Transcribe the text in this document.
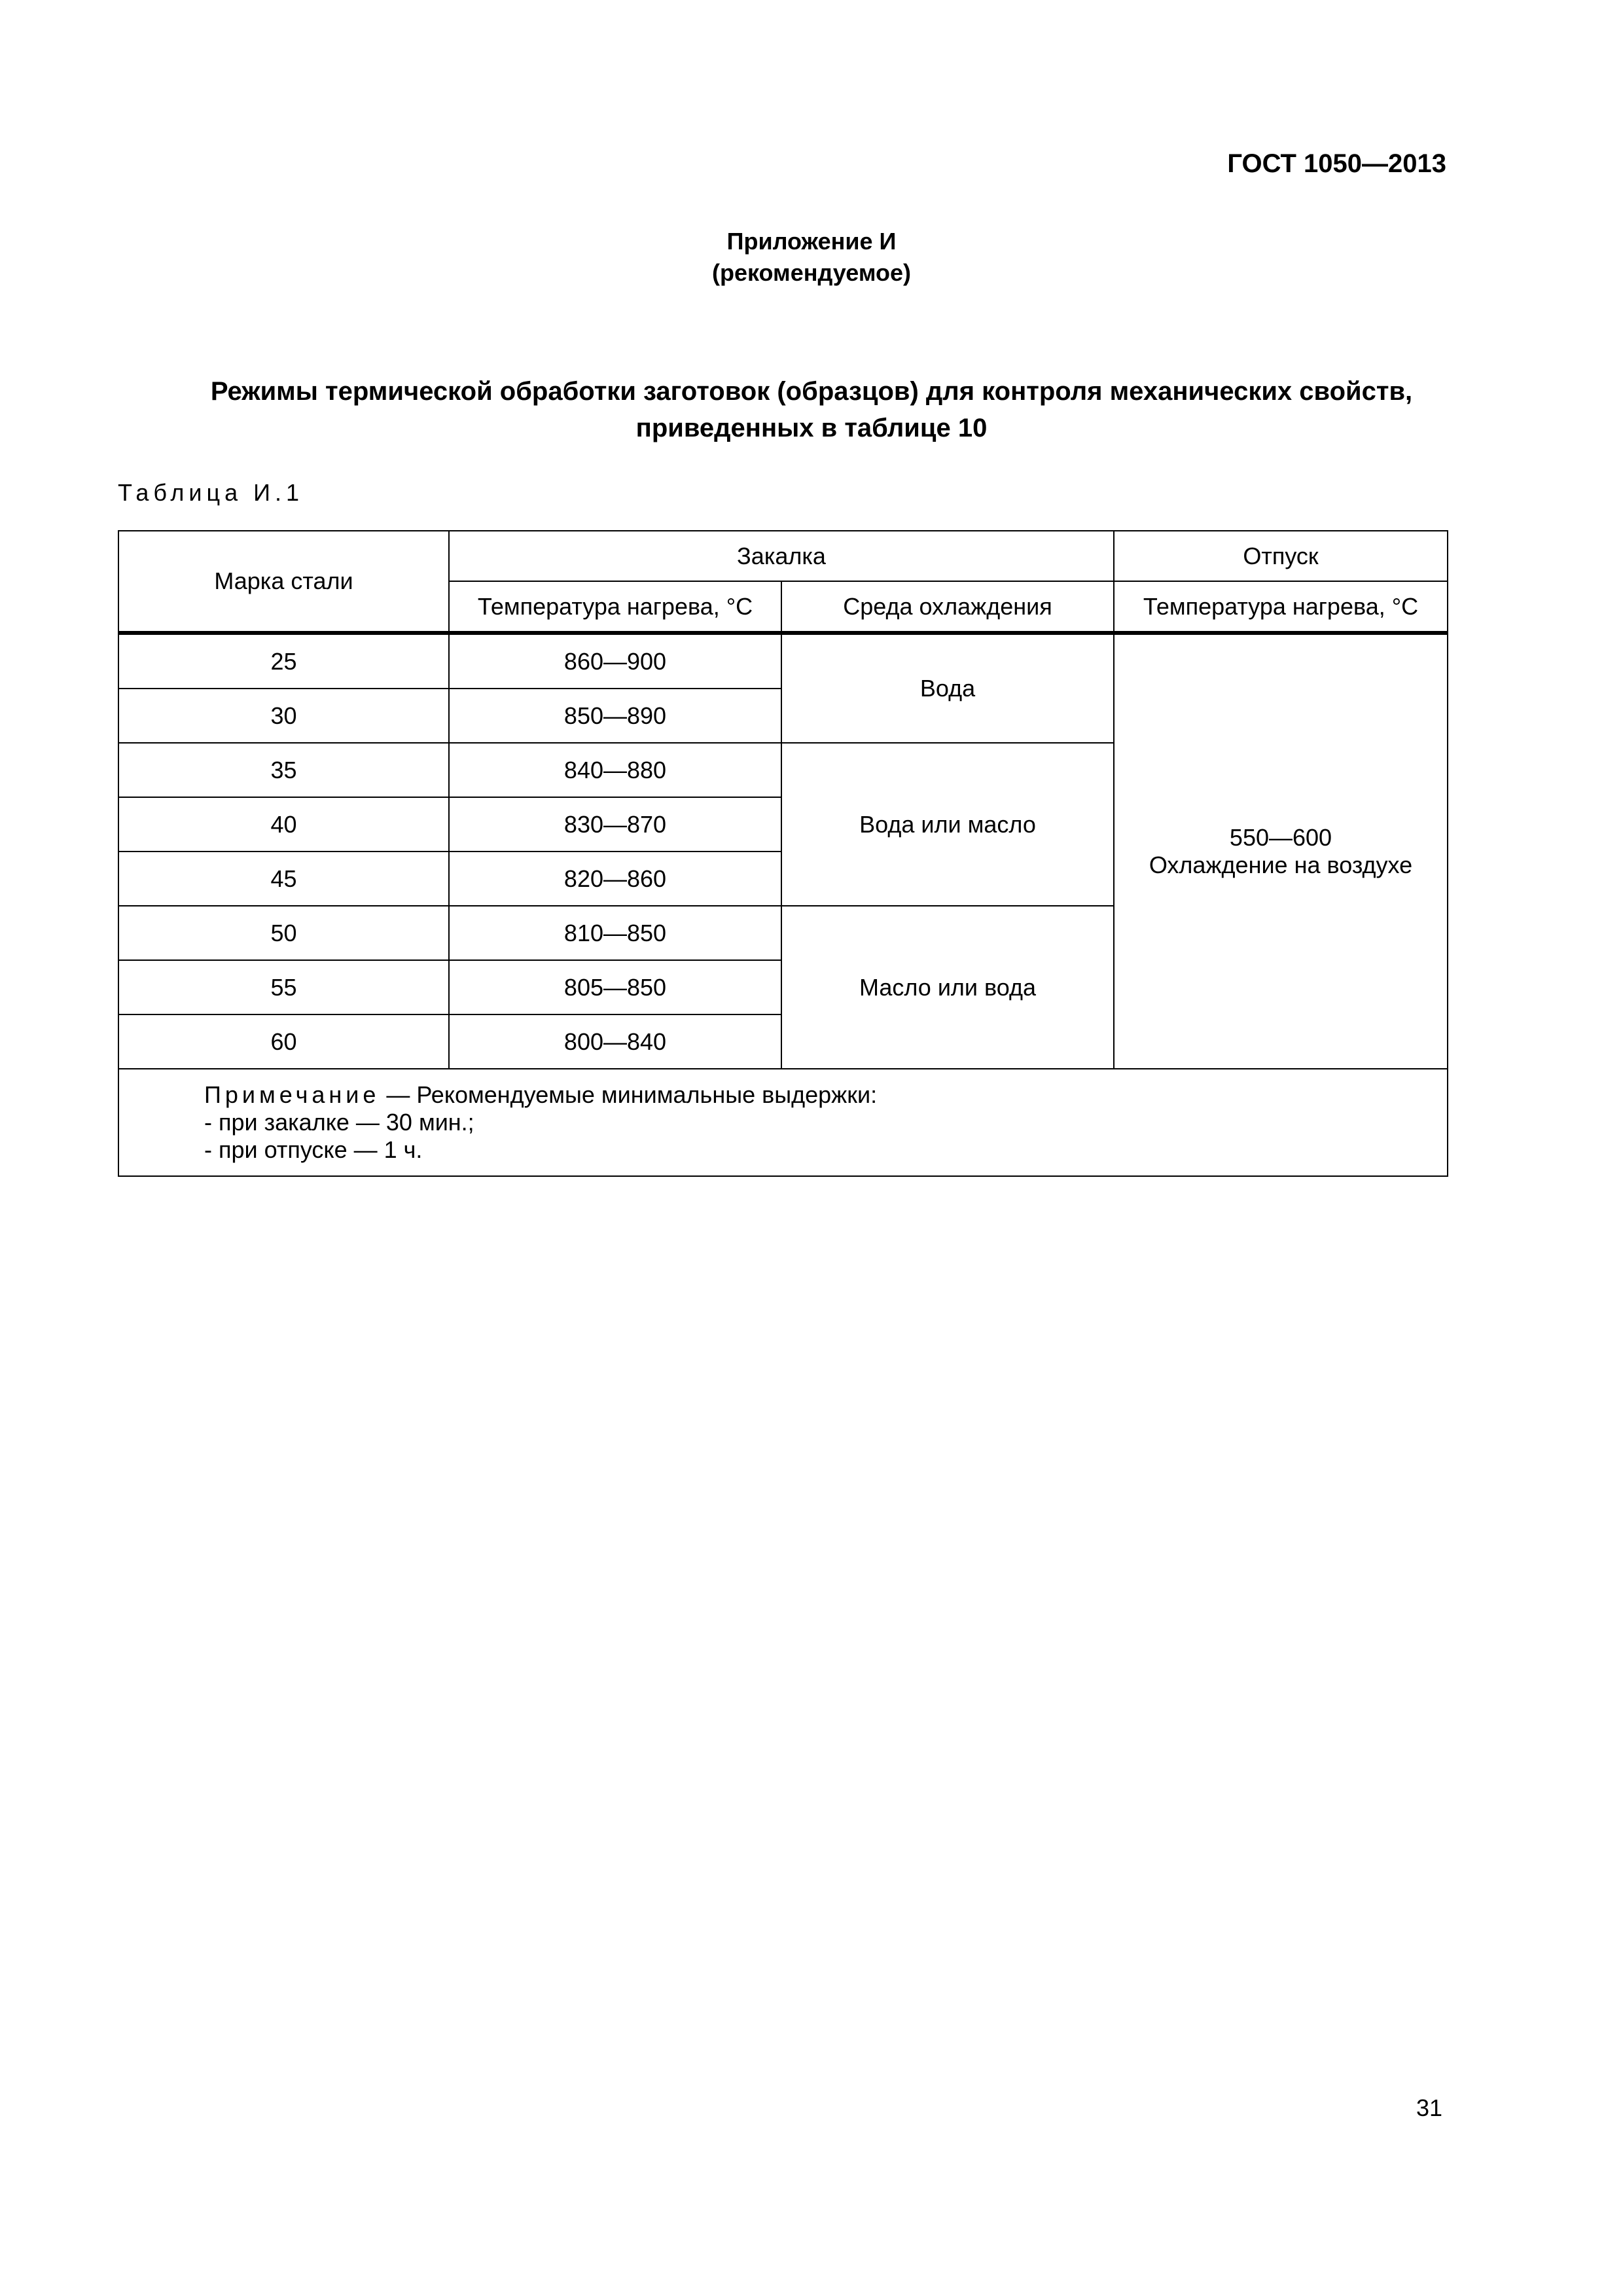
ГОСТ 1050—2013
Приложение И
(рекомендуемое)
Режимы термической обработки заготовок (образцов) для контроля механических свойств,
приведенных в таблице 10
Таблица И.1
Марка стали	Закалка		Отпуск
	Температура нагрева, °С	Среда охлаждения	Температура нагрева, °С
25	860—900	Вода	550—600
Охлаждение на воздухе

30	850—890		
35	840—880	Вода или масло	
40	830—870		
45	820—860		
50	810—850	Масло или вода	
55	805—850		
60	800—840		

Примечание — Рекомендуемые минимальные выдержки:
- при закалке — 30 мин.;
- при отпуске — 1 ч.			
31
